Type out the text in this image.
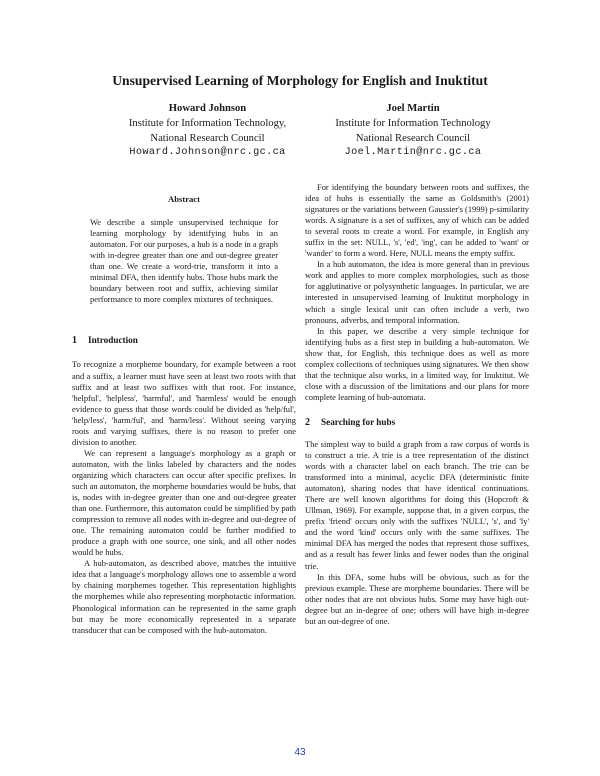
Unsupervised Learning of Morphology for English and Inuktitut
Howard Johnson
Institute for Information Technology,
National Research Council
Howard.Johnson@nrc.gc.ca
Joel Martin
Institute for Information Technology
National Research Council
Joel.Martin@nrc.gc.ca
Abstract

We describe a simple unsupervised technique for learning morphology by identifying hubs in an automaton. For our purposes, a hub is a node in a graph with in-degree greater than one and out-degree greater than one. We create a word-trie, transform it into a minimal DFA, then identify hubs. Those hubs mark the boundary between root and suffix, achieving similar performance to more complex mixtures of techniques.

1 Introduction

To recognize a morpheme boundary, for example between a root and a suffix, a learner must have seen at least two roots with that suffix and at least two suffixes with that root. For instance, 'helpful', 'helpless', 'harmful', and 'harmless' would be enough evidence to guess that those words could be divided as 'help/ful', 'help/less', 'harm/ful', and 'harm/less'. Without seeing varying roots and varying suffixes, there is no reason to prefer one division to another.

We can represent a language's morphology as a graph or automaton, with the links labeled by characters and the nodes organizing which characters can occur after specific prefixes. In such an automaton, the morpheme boundaries would be hubs, that is, nodes with in-degree greater than one and out-degree greater than one. Furthermore, this automaton could be simplified by path compression to remove all nodes with in-degree and out-degree of one. The remaining automaton could be further modified to produce a graph with one source, one sink, and all other nodes would be hubs.

A hub-automaton, as described above, matches the intuitive idea that a language's morphology allows one to assemble a word by chaining morphemes together. This representation highlights the morphemes while also representing morphotactic information. Phonological information can be represented in the same graph but may be more economically represented in a separate transducer that can be composed with the hub-automaton.

For identifying the boundary between roots and suffixes, the idea of hubs is essentially the same as Goldsmith's (2001) signatures or the variations between Gaussier's (1999) p-similarity words. A signature is a set of suffixes, any of which can be added to several roots to create a word. For example, in English any suffix in the set: NULL, 's', 'ed', 'ing', can be added to 'want' or 'wander' to form a word. Here, NULL means the empty suffix.

In a hub automaton, the idea is more general than in previous work and applies to more complex morphologies, such as those for agglutinative or polysynthetic languages. In particular, we are interested in unsupervised learning of Inuktitut morphology in which a single lexical unit can often include a verb, two pronouns, adverbs, and temporal information.

In this paper, we describe a very simple technique for identifying hubs as a first step in building a hub-automaton. We show that, for English, this technique does as well as more complex collections of techniques using signatures. We then show that the technique also works, in a limited way, for Inuktitut. We close with a discussion of the limitations and our plans for more complete learning of hub-automata.

2 Searching for hubs

The simplest way to build a graph from a raw corpus of words is to construct a trie. A trie is a tree representation of the distinct words with a character label on each branch. The trie can be transformed into a minimal, acyclic DFA (deterministic finite automaton), sharing nodes that have identical continuations. There are well known algorithms for doing this (Hopcroft & Ullman, 1969). For example, suppose that, in a given corpus, the prefix 'friend' occurs only with the suffixes 'NULL', 's', and 'ly' and the word 'kind' occurs only with the same suffixes. The minimal DFA has merged the nodes that represent those suffixes, and as a result has fewer links and fewer nodes than the original trie.

In this DFA, some hubs will be obvious, such as for the previous example. These are morpheme boundaries. There will be other nodes that are not obvious hubs. Some may have high out-degree but an in-degree of one; others will have high in-degree but an out-degree of one.

43
